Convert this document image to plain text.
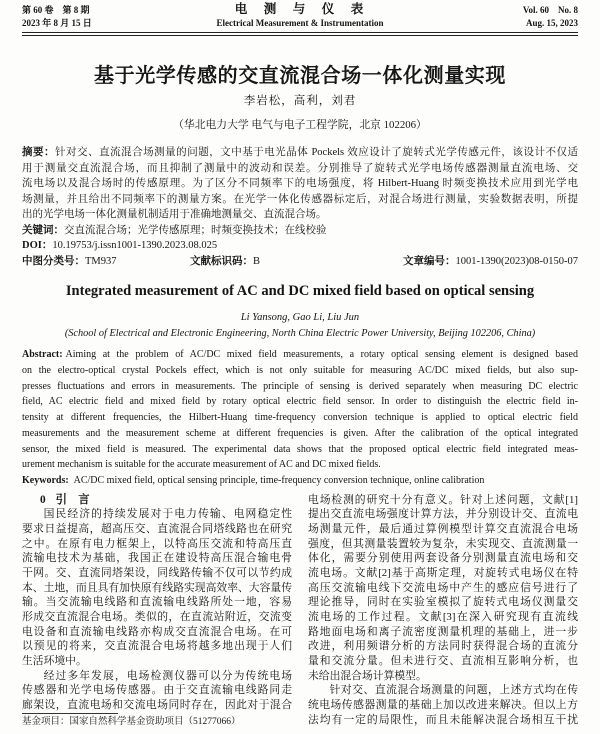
第 60 卷　第 8 期
2023 年 8 月 15 日
电　测　与　仪　表
Electrical Measurement & Instrumentation
Vol. 60　No. 8
Aug. 15, 2023
基于光学传感的交直流混合场一体化测量实现
李岩松，高利，刘君
（华北电力大学 电气与电子工程学院，北京 102206）
摘要：针对交、直流混合场测量的问题，文中基于电光晶体 Pockels 效应设计了旋转式光学传感元件，该设计不仅适
用于测量交直流混合场，而且抑制了测量中的波动和误差。分别推导了旋转式光学电场传感器测量直流电场、交
流电场以及混合场时的传感原理。为了区分不同频率下的电场强度，将 Hilbert-Huang 时频变换技术应用到光学电
场测量，并且给出不同频率下的测量方案。在光学一体化传感器标定后，对混合场进行测量，实验数据表明，所提
出的光学电场一体化测量机制适用于准确地测量交、直流混合场。
关键词：交直流混合场；光学传感原理；时频变换技术；在线校验
DOI：10.19753/j.issn1001-1390.2023.08.025
中图分类号：TM937	文献标识码：B	文章编号：1001-1390(2023)08-0150-07
Integrated measurement of AC and DC mixed field based on optical sensing
Li Yansong, Gao Li, Liu Jun
(School of Electrical and Electronic Engineering, North China Electric Power University, Beijing 102206, China)
Abstract: Aiming at the problem of AC/DC mixed field measurements, a rotary optical sensing element is designed based
on the electro-optical crystal Pockels effect, which is not only suitable for measuring AC/DC mixed fields, but also sup-
presses fluctuations and errors in measurements. The principle of sensing is derived separately when measuring DC electric
field, AC electric field and mixed field by rotary optical electric field sensor. In order to distinguish the electric field in-
tensity at different frequencies, the Hilbert-Huang time-frequency conversion technique is applied to optical electric field
measurements and the measurement scheme at different frequencies is given. After the calibration of the optical integrated
sensor, the mixed field is measured. The experimental data shows that the proposed optical electric field integrated meas-
urement mechanism is suitable for the accurate measurement of AC and DC mixed fields.
Keywords: AC/DC mixed field, optical sensing principle, time-frequency conversion technique, online calibration
0 引　言
国民经济的持续发展对于电力传输、电网稳定性
要求日益提高，超高压交、直流混合同塔线路也在研究
之中。在原有电力框架上，以特高压交流和特高压直
流输电技术为基础，我国正在建设特高压混合输电骨
干网。交、直流同塔架设，同线路传输不仅可以节约成
本、土地，而且具有加快原有线路实现高效率、大容量传
输。当交流输电线路和直流输电线路所处一地，容易
形成交直流混合电场。类似的，在直流站附近，交流变
电设备和直流输电线路亦构成交直流混合电场。在可
以预见的将来，交直流混合电场将越多地出现于人们
生活环境中。
经过多年发展，电场检测仪器可以分为传统电场
传感器和光学电场传感器。由于交直流输电线路同走
廊架设，直流电场和交流电场同时存在，因此对于混合
电场检测的研究十分有意义。针对上述问题，文献[1]
提出交直流电场强度计算方法，并分别设计交、直流电
场测量元件，最后通过算例模型计算交直流混合电场
强度，但其测量装置较为复杂，未实现交、直流测量一
体化，需要分别使用两套设备分别测量直流电场和交
流电场。文献[2]基于高斯定理，对旋转式电场仪在特
高压交流输电线下交流电场中产生的感应信号进行了
理论推导，同时在实验室模拟了旋转式电场仪测量交
流电场的工作过程。文献[3]在深入研究现有直流线
路地面电场和离子流密度测量机理的基础上，进一步
改进，利用频谱分析的方法同时获得混合场的直流分
量和交流分量。但未进行交、直流相互影响分析，也
未给出混合场计算模型。
针对交、直流混合场测量的问题，上述方式均在传
统电场传感器测量的基础上加以改进来解决。但以上方
法均有一定的局限性，而且未能解决混合场相互干扰
基金项目：国家自然科学基金资助项目（51277066）
